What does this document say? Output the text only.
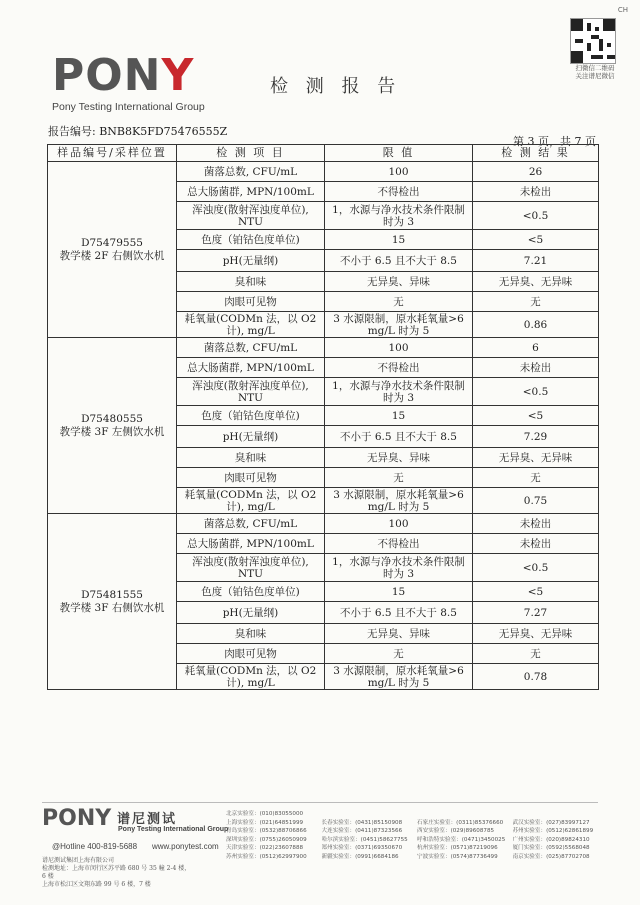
CH
扫微信二维码
关注谱尼微信
PONY
Pony Testing International Group
检 测 报 告
报告编号: BNB8K5FD75476555Z
第 3 页，共 7 页
样品编号/采样位置	检 测 项 目	限 值	检 测 结 果

D75479555
教学楼 2F 右侧饮水机	菌落总数, CFU/mL	100	26
	总大肠菌群, MPN/100mL	不得检出	未检出
	浑浊度(散射浑浊度单位), NTU	1，水源与净水技术条件限制时为 3	<0.5
	色度（铂钴色度单位)	15	<5
	pH(无量纲)	不小于 6.5 且不大于 8.5	7.21
	臭和味	无异臭、异味	无异臭、无异味
	肉眼可见物	无	无
	耗氧量(CODMn 法，以 O2 计), mg/L	3 水源限制，原水耗氧量>6 mg/L 时为 5	0.86

D75480555
教学楼 3F 左侧饮水机	菌落总数, CFU/mL	100	6
	总大肠菌群, MPN/100mL	不得检出	未检出
	浑浊度(散射浑浊度单位), NTU	1，水源与净水技术条件限制时为 3	<0.5
	色度（铂钴色度单位)	15	<5
	pH(无量纲)	不小于 6.5 且不大于 8.5	7.29
	臭和味	无异臭、异味	无异臭、无异味
	肉眼可见物	无	无
	耗氧量(CODMn 法，以 O2 计), mg/L	3 水源限制，原水耗氧量>6 mg/L 时为 5	0.75

D75481555
教学楼 3F 右侧饮水机	菌落总数, CFU/mL	100	未检出
	总大肠菌群, MPN/100mL	不得检出	未检出
	浑浊度(散射浑浊度单位), NTU	1，水源与净水技术条件限制时为 3	<0.5
	色度（铂钴色度单位)	15	<5
	pH(无量纲)	不小于 6.5 且不大于 8.5	7.27
	臭和味	无异臭、异味	无异臭、无异味
	肉眼可见物	无	无
	耗氧量(CODMn 法，以 O2 计), mg/L	3 水源限制，原水耗氧量>6 mg/L 时为 5	0.78
PONY 谱尼测试
Pony Testing International Group
@Hotline 400-819-5688 www.ponytest.com
谱尼测试集团上海有限公司
检测地址：上海市闵行区苏平路 680 号 35 幢 2-4 楼，6 楼
上海市松江区文翔东路 99 号 6 楼，7 楼
北京实验室：(010)83055000
上海实验室：(021)64851999	长春实验室：(0431)85150908	石家庄实验室：(0311)85376660	武汉实验室：(027)83997127
青岛实验室：(0532)88706866	大连实验室：(0411)87323566	西安实验室：(029)89608785	苏州实验室：(0512)62861899
深圳实验室：(0755)26050909	哈尔滨实验室：(0451)58627755	呼和浩特实验室：(0471)3450025	广州实验室：(020)89824310
天津实验室：(022)23607888	郑州实验室：(0371)69350670	杭州实验室：(0571)87219096	厦门实验室：(0592)5568048
苏州实验室：(0512)62997900	新疆实验室：(0991)6684186	宁波实验室：(0574)87736499	南京实验室：(025)87702708
